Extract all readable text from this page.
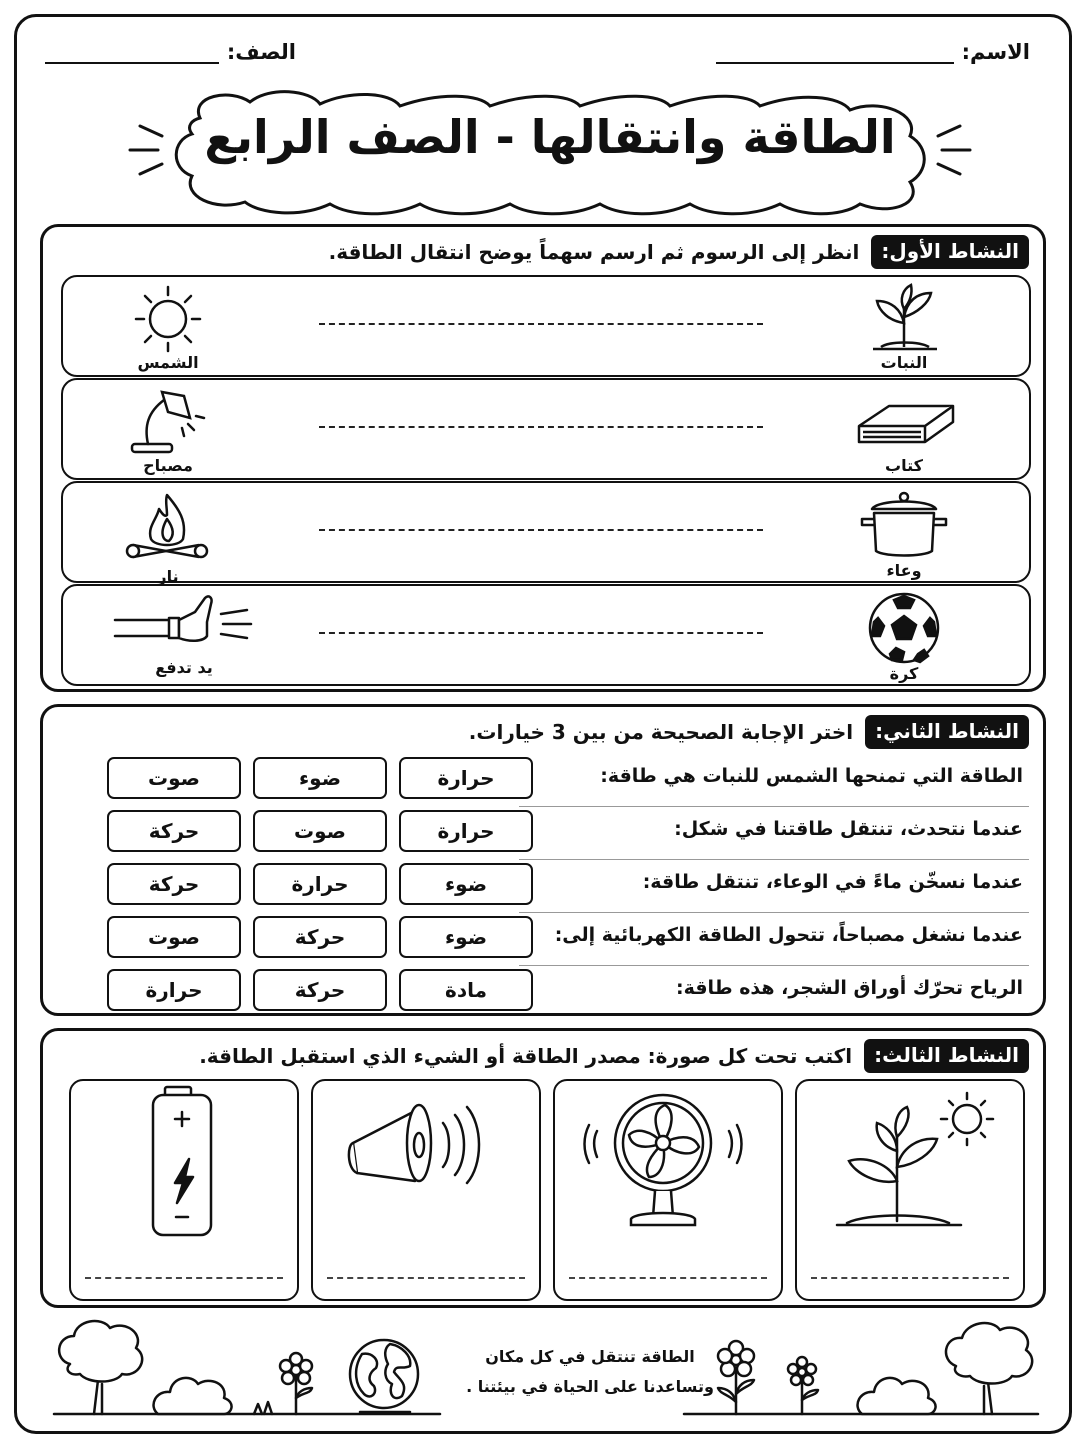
الاسم:
الصف:
الطاقة وانتقالها - الصف الرابع
النشاط الأول:
انظر إلى الرسوم ثم ارسم سهماً يوضح انتقال الطاقة.
النبات
الشمس
كتاب
مصباح
وعاء
نار
كرة
يد تدفع
النشاط الثاني:
اختر الإجابة الصحيحة من بين 3 خيارات.
الطاقة التي تمنحها الشمس للنبات هي طاقة:
حرارة
ضوء
صوت
عندما نتحدث، تنتقل طاقتنا في شكل:
حرارة
صوت
حركة
عندما نسخّن ماءً في الوعاء، تنتقل طاقة:
ضوء
حرارة
حركة
عندما نشغل مصباحاً، تتحول الطاقة الكهربائية إلى:
ضوء
حركة
صوت
الرياح تحرّك أوراق الشجر، هذه طاقة:
مادة
حركة
حرارة
النشاط الثالث:
اكتب تحت كل صورة: مصدر الطاقة أو الشيء الذي استقبل الطاقة.
الطاقة تنتقل في كل مكان
وتساعدنا على الحياة في بيئتنا .
